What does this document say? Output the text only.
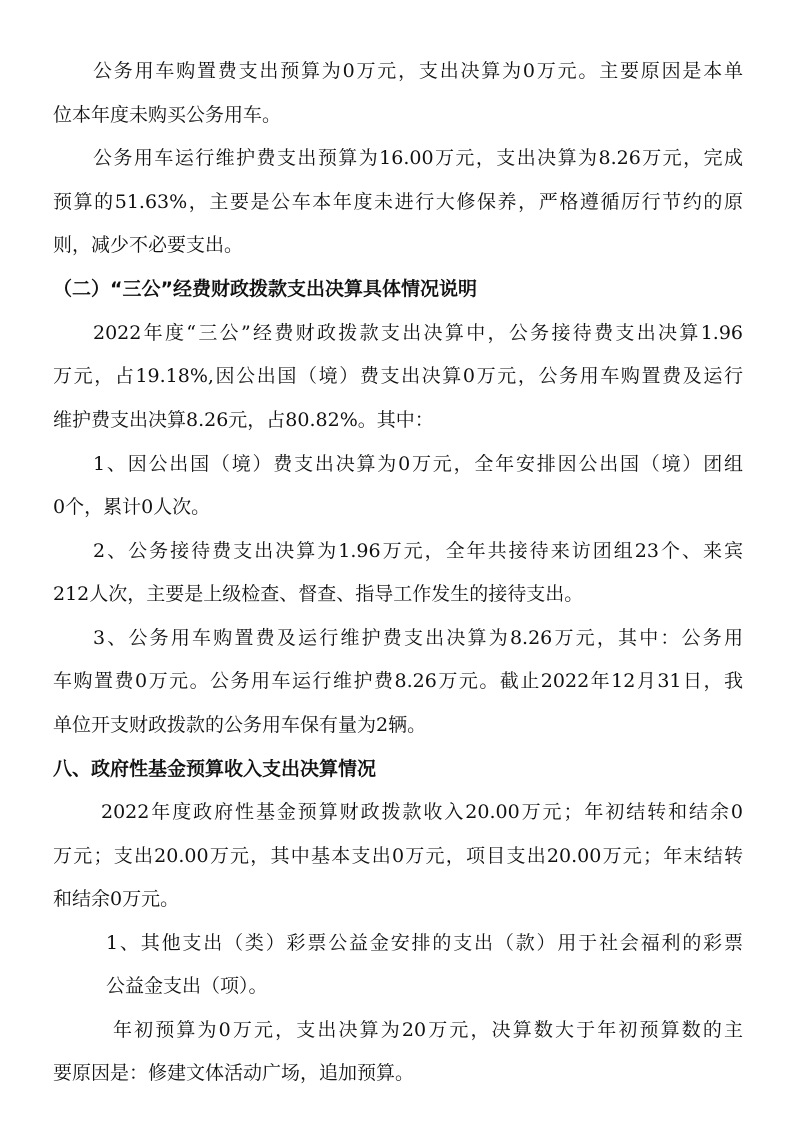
公务用车购置费支出预算为0万元，支出决算为0万元。主要原因是本单
位本年度未购买公务用车。
公务用车运行维护费支出预算为16.00万元，支出决算为8.26万元，完成
预算的51.63%，主要是公车本年度未进行大修保养，严格遵循厉行节约的原
则，减少不必要支出。
（二）“三公”经费财政拨款支出决算具体情况说明
2022年度“三公”经费财政拨款支出决算中，公务接待费支出决算1.96
万元，占19.18%,因公出国（境）费支出决算0万元，公务用车购置费及运行
维护费支出决算8.26元，占80.82%。其中：
1、因公出国（境）费支出决算为0万元，全年安排因公出国（境）团组
0个，累计0人次。
2、公务接待费支出决算为1.96万元，全年共接待来访团组23个、来宾
212人次，主要是上级检查、督查、指导工作发生的接待支出。
3、公务用车购置费及运行维护费支出决算为8.26万元，其中：公务用
车购置费0万元。公务用车运行维护费8.26万元。截止2022年12月31日，我
单位开支财政拨款的公务用车保有量为2辆。
八、政府性基金预算收入支出决算情况
2022年度政府性基金预算财政拨款收入20.00万元；年初结转和结余0
万元；支出20.00万元，其中基本支出0万元，项目支出20.00万元；年末结转
和结余0万元。
1、其他支出（类）彩票公益金安排的支出（款）用于社会福利的彩票
公益金支出（项）。
年初预算为0万元，支出决算为20万元，决算数大于年初预算数的主
要原因是：修建文体活动广场，追加预算。
